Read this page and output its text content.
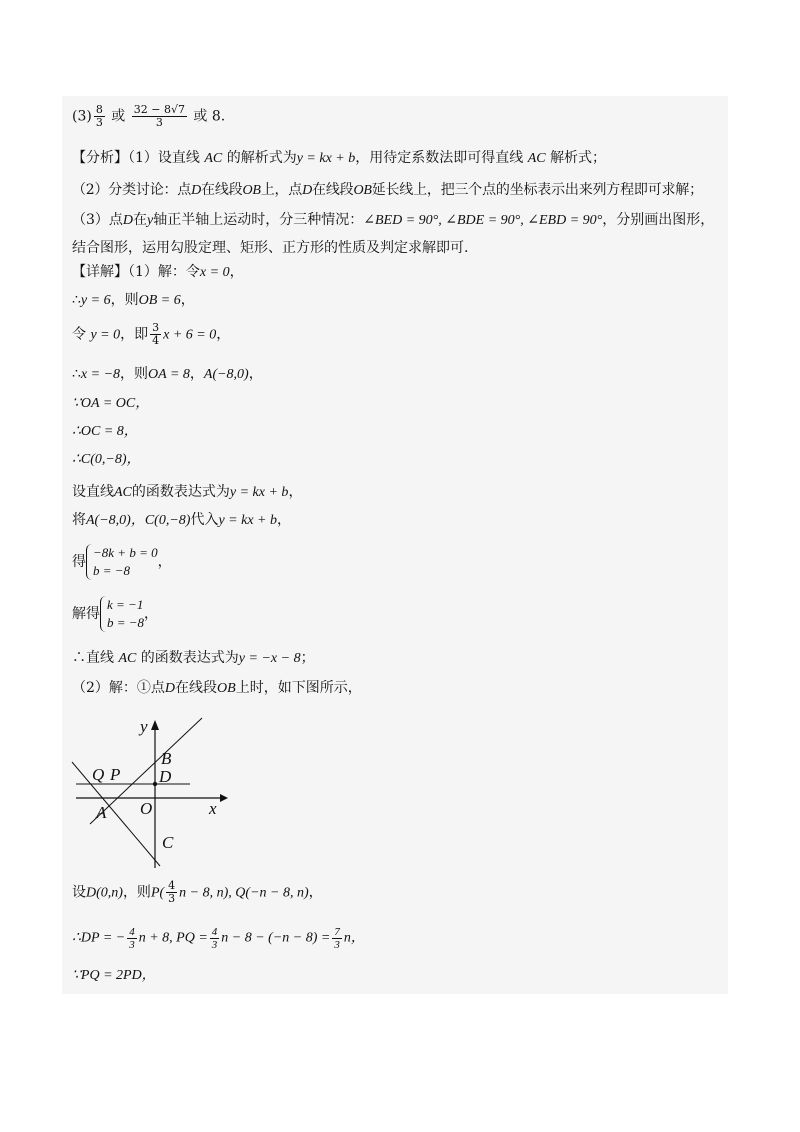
$(3) \frac{8}{3}$ 或 $\frac{32 - 8√7}{3}$ 或 8.
【分析】（1）设直线 AC 的解析式为y = kx + b，用待定系数法即可得直线 AC 解析式；
（2）分类讨论：点D在线段OB上，点D在线段OB延长线上，把三个点的坐标表示出来列方程即可求解；
（3）点D在y轴正半轴上运动时，分三种情况：∠BED = 90°, ∠BDE = 90°, ∠EBD = 90°，分别画出图形，
结合图形，运用勾股定理、矩形、正方形的性质及判定求解即可.
【详解】（1）解：令x = 0，
∴y = 6，则OB = 6，
令 y = 0，即 $\frac{3}{4}$ x + 6 = 0，
∴x = −8，则OA = 8，A(−8,0)，
∵OA = OC，
∴OC = 8，
∴C(0,−8)，
设直线AC的函数表达式为y = kx + b，
将A(−8,0)，C(0,−8)代入y = kx + b，
得
−8k + b = 0
b = −8
，
解得
k = −1
b = −8
，
∴直线 AC 的函数表达式为y = −x − 8；
（2）解：①点D在线段OB上时，如下图所示，
y
x
B
D
Q P
O
A
C
设D(0,n)，则$P( \frac{4}{3}$ n − 8, n), Q(−n − 8, n)，
∴DP = − $\frac{4}{3}$ n + 8, PQ = $\frac{4}{3}$ $n - 8 - (-n - 8) = \frac{7}{3}$ n，
∵PQ = 2PD，
